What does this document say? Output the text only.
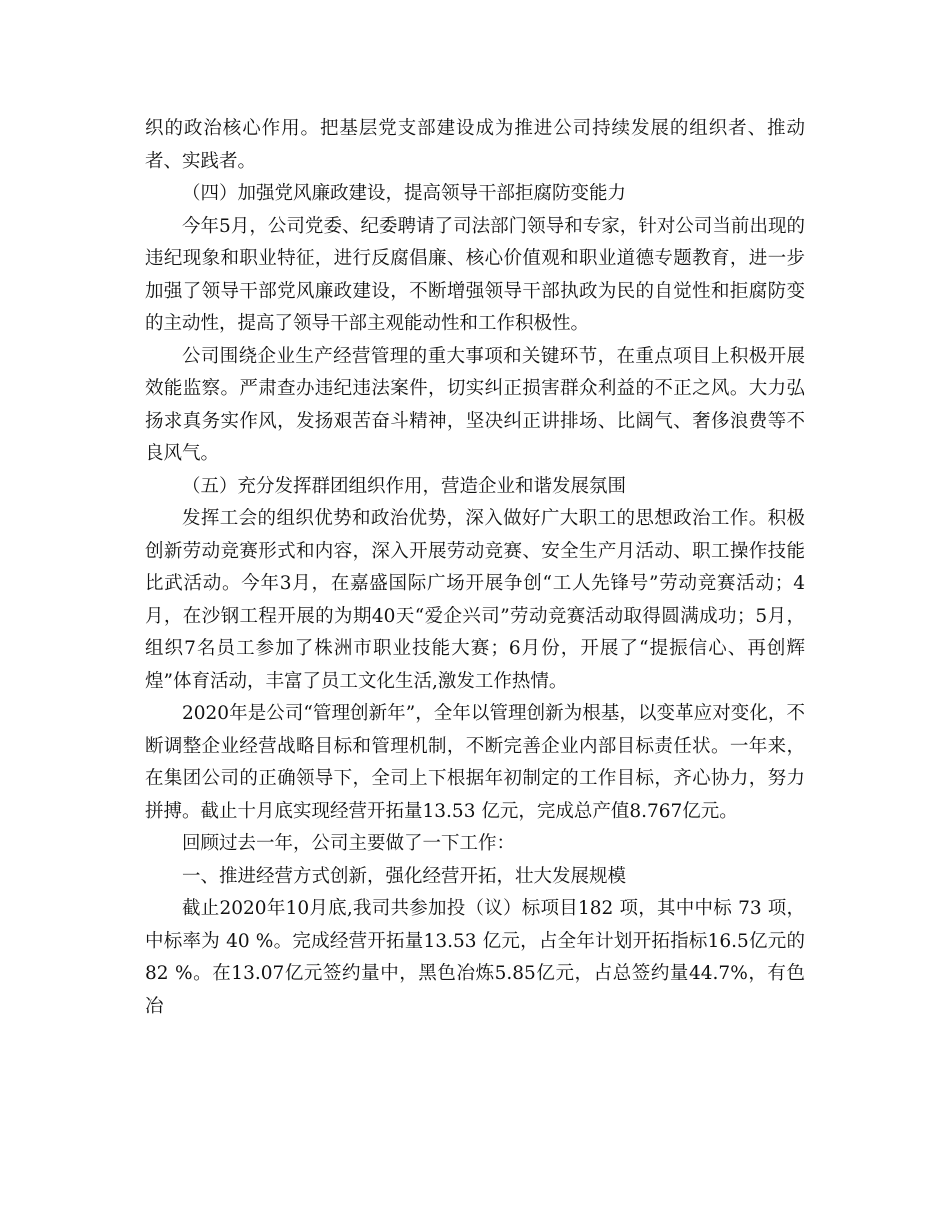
织的政治核心作用。把基层党支部建设成为推进公司持续发展的组织者、推动者、实践者。

（四）加强党风廉政建设，提高领导干部拒腐防变能力

今年5月，公司党委、纪委聘请了司法部门领导和专家，针对公司当前出现的违纪现象和职业特征，进行反腐倡廉、核心价值观和职业道德专题教育，进一步加强了领导干部党风廉政建设，不断增强领导干部执政为民的自觉性和拒腐防变的主动性，提高了领导干部主观能动性和工作积极性。

公司围绕企业生产经营管理的重大事项和关键环节，在重点项目上积极开展效能监察。严肃查办违纪违法案件，切实纠正损害群众利益的不正之风。大力弘扬求真务实作风，发扬艰苦奋斗精神，坚决纠正讲排场、比阔气、奢侈浪费等不良风气。

（五）充分发挥群团组织作用，营造企业和谐发展氛围

发挥工会的组织优势和政治优势，深入做好广大职工的思想政治工作。积极创新劳动竞赛形式和内容，深入开展劳动竞赛、安全生产月活动、职工操作技能比武活动。今年3月，在嘉盛国际广场开展争创“工人先锋号”劳动竞赛活动；4月，在沙钢工程开展的为期40天“爱企兴司”劳动竞赛活动取得圆满成功；5月，组织7名员工参加了株洲市职业技能大赛；6月份，开展了“提振信心、再创辉煌”体育活动，丰富了员工文化生活,激发工作热情。

2020年是公司“管理创新年”，全年以管理创新为根基，以变革应对变化，不断调整企业经营战略目标和管理机制，不断完善企业内部目标责任状。一年来，在集团公司的正确领导下，全司上下根据年初制定的工作目标，齐心协力，努力拼搏。截止十月底实现经营开拓量13.53 亿元，完成总产值8.767亿元。

回顾过去一年，公司主要做了一下工作：

一、推进经营方式创新，强化经营开拓，壮大发展规模

截止2020年10月底,我司共参加投（议）标项目182 项，其中中标 73 项，中标率为 40 %。完成经营开拓量13.53 亿元，占全年计划开拓指标16.5亿元的82 %。在13.07亿元签约量中，黑色冶炼5.85亿元，占总签约量44.7%，有色冶
